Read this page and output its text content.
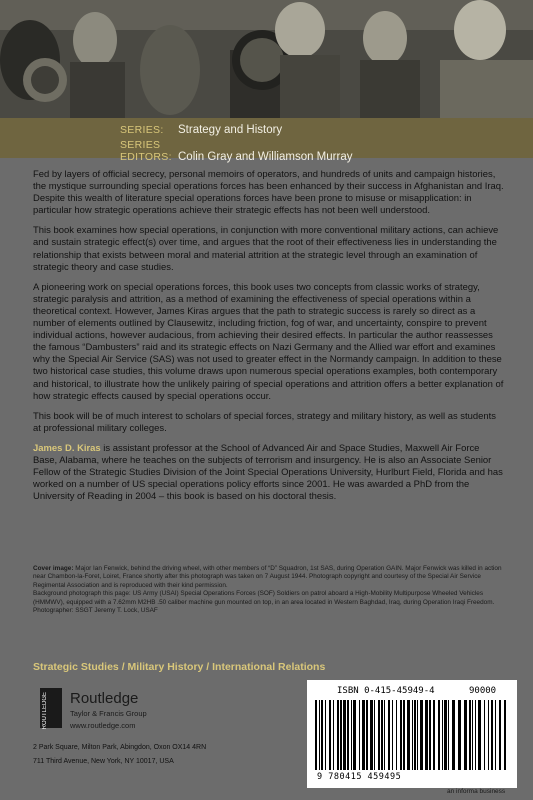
SERIES: Strategy and History
SERIES EDITORS: Colin Gray and Williamson Murray

Fed by layers of official secrecy, personal memoirs of operators, and hundreds of units and campaign histories, the mystique surrounding special operations forces has been enhanced by their success in Afghanistan and Iraq. Despite this wealth of literature special operations forces have been prone to misuse or misapplication: in particular how strategic operations achieve their strategic effects has not been well understood.

This book examines how special operations, in conjunction with more conventional military actions, can achieve and sustain strategic effect(s) over time, and argues that the root of their effectiveness lies in understanding the relationship that exists between moral and material attrition at the strategic level through an examination of strategic theory and case studies.

A pioneering work on special operations forces, this book uses two concepts from classic works of strategy, strategic paralysis and attrition, as a method of examining the effectiveness of special operations within a theoretical context. However, James Kiras argues that the path to strategic success is rarely so direct as a number of elements outlined by Clausewitz, including friction, fog of war, and uncertainty, conspire to prevent individual actions, however audacious, from achieving their desired effects. In particular the author reassesses the famous “Dambusters” raid and its strategic effects on Nazi Germany and the Allied war effort and examines why the Special Air Service (SAS) was not used to greater effect in the Normandy campaign. In addition to these two historical case studies, this volume draws upon numerous special operations examples, both contemporary and historical, to illustrate how the unlikely pairing of special operations and attrition offers a better explanation of how strategic effects caused by special operations occur.

This book will be of much interest to scholars of special forces, strategy and military history, as well as students at professional military colleges.

James D. Kiras is assistant professor at the School of Advanced Air and Space Studies, Maxwell Air Force Base, Alabama, where he teaches on the subjects of terrorism and insurgency. He is also an Associate Senior Fellow of the Strategic Studies Division of the Joint Special Operations University, Hurlburt Field, Florida and has worked on a number of US special operations policy efforts since 2001. He was awarded a PhD from the University of Reading in 2004 – this book is based on his doctoral thesis.

Cover image: Major Ian Fenwick, behind the driving wheel, with other members of “D” Squadron, 1st SAS, during Operation GAIN. Major Fenwick was killed in action near Chambon-la-Foret, Loiret, France shortly after this photograph was taken on 7 August 1944. Photograph copyright and courtesy of the Special Air Service Regimental Association and is reproduced with their kind permission.

Background photograph this page: US Army (USAI) Special Operations Forces (SOF) Soldiers on patrol aboard a High-Mobility Multipurpose Wheeled Vehicles (HMMWV), equipped with a 7.62mm M2HB .50 caliber machine gun mounted on top, in an area located in Western Baghdad, Iraq, during Operation Iraqi Freedom. Photographer: SSGT Jeremy T. Lock, USAF

Strategic Studies / Military History / International Relations
ROUTLEDGE Routledge
Taylor & Francis Group
www.routledge.com
2 Park Square, Milton Park, Abingdon, Oxon OX14 4RN
711 Third Avenue, New York, NY 10017, USA
ISBN 0-415-45949-4	90000
9 780415 459495
an informa business
